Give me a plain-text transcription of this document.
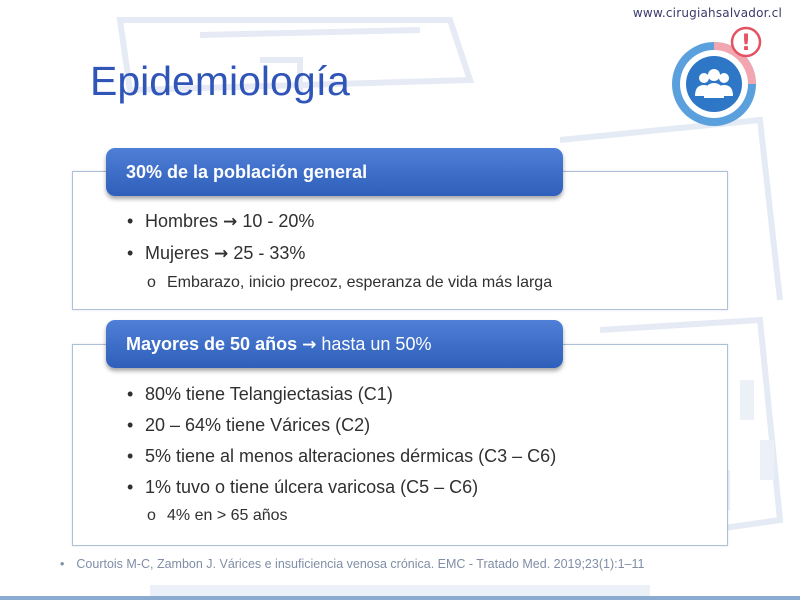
www.cirugiahsalvador.cl
Epidemiología
!
• Hombres → 10 - 20%
• Mujeres → 25 - 33%
o Embarazo, inicio precoz, esperanza de vida más larga
30% de la población general
• 80% tiene Telangiectasias (C1)
• 20 – 64% tiene Várices (C2)
• 5% tiene al menos alteraciones dérmicas (C3 – C6)
• 1% tuvo o tiene úlcera varicosa (C5 – C6)
o 4% en > 65 años
Mayores de 50 años → hasta un 50%
• Courtois M-C, Zambon J. Várices e insuficiencia venosa crónica. EMC - Tratado Med. 2019;23(1):1–11
